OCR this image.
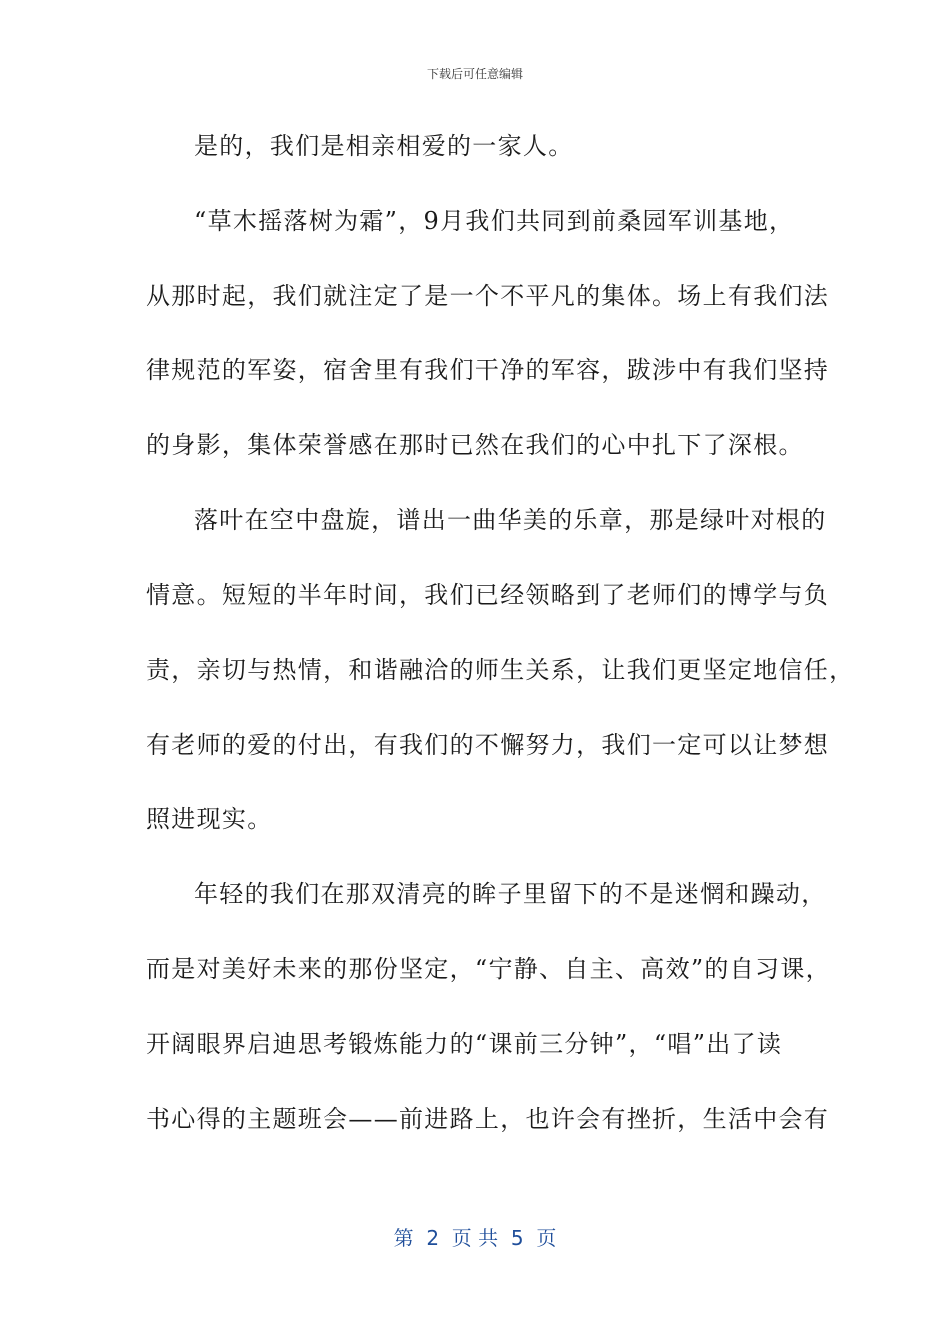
下载后可任意编辑
是的，我们是相亲相爱的一家人。
“草木摇落树为霜”，9月我们共同到前桑园军训基地，
从那时起，我们就注定了是一个不平凡的集体。场上有我们法
律规范的军姿，宿舍里有我们干净的军容，跋涉中有我们坚持
的身影，集体荣誉感在那时已然在我们的心中扎下了深根。
落叶在空中盘旋，谱出一曲华美的乐章，那是绿叶对根的
情意。短短的半年时间，我们已经领略到了老师们的博学与负
责，亲切与热情，和谐融洽的师生关系，让我们更坚定地信任，
有老师的爱的付出，有我们的不懈努力，我们一定可以让梦想
照进现实。
年轻的我们在那双清亮的眸子里留下的不是迷惘和躁动，
而是对美好未来的那份坚定，“宁静、自主、高效”的自习课，
开阔眼界启迪思考锻炼能力的“课前三分钟”，“唱”出了读
书心得的主题班会——前进路上，也许会有挫折，生活中会有
第  2  页 共  5  页
